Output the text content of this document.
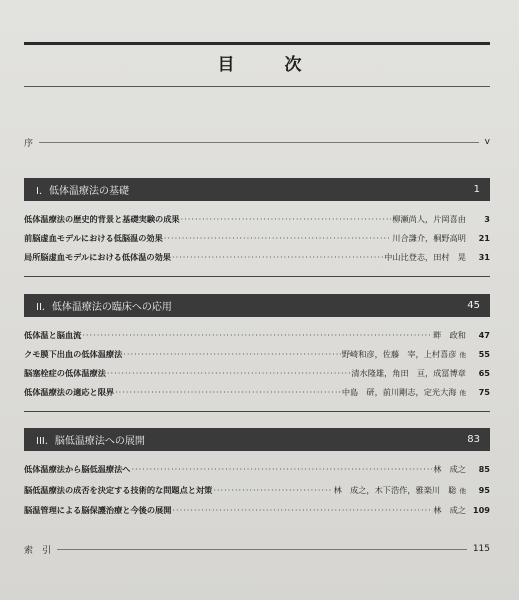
目 次
序	v
I．低体温療法の基礎	1
低体温療法の歴史的背景と基礎実験の成果 ·····	柳瀬尚人，片岡喜由	3
前脳虚血モデルにおける低脳温の効果 ·····	川合謙介，桐野高明	21
局所脳虚血モデルにおける低体温の効果 ·····	中山比登志，田村　晃	31
II．低体温療法の臨床への応用	45
低体温と脳血流 ·····	畔　政和	47
クモ膜下出血の低体温療法 ·····	野崎和彦，佐藤　宰，上村喜彦 他	55
脳塞栓症の低体温療法 ·····	清水隆雄，角田　亘，成冨博章	65
低体温療法の適応と限界 ·····	中島　研，前川剛志，定光大海 他	75
III．脳低温療法への展開	83
低体温療法から脳低温療法へ ·····	林　成之	85
脳低温療法の成否を決定する技術的な問題点と対策 ·····	林　成之，木下浩作，雅楽川　聡 他	95
脳温管理による脳保護治療と今後の展開 ·····	林　成之 109
索　引	115
